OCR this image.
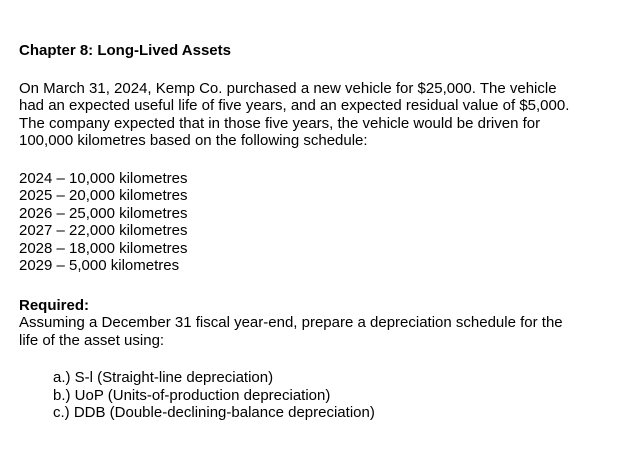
Chapter 8: Long-Lived Assets

On March 31, 2024, Kemp Co. purchased a new vehicle for $25,000. The vehicle
had an expected useful life of five years, and an expected residual value of $5,000.
The company expected that in those five years, the vehicle would be driven for
100,000 kilometres based on the following schedule:

2024 – 10,000 kilometres
2025 – 20,000 kilometres
2026 – 25,000 kilometres
2027 – 22,000 kilometres
2028 – 18,000 kilometres
2029 – 5,000 kilometres

Required:

Assuming a December 31 fiscal year-end, prepare a depreciation schedule for the
life of the asset using:

a.) S-l (Straight-line depreciation)
b.) UoP (Units-of-production depreciation)
c.) DDB (Double-declining-balance depreciation)
